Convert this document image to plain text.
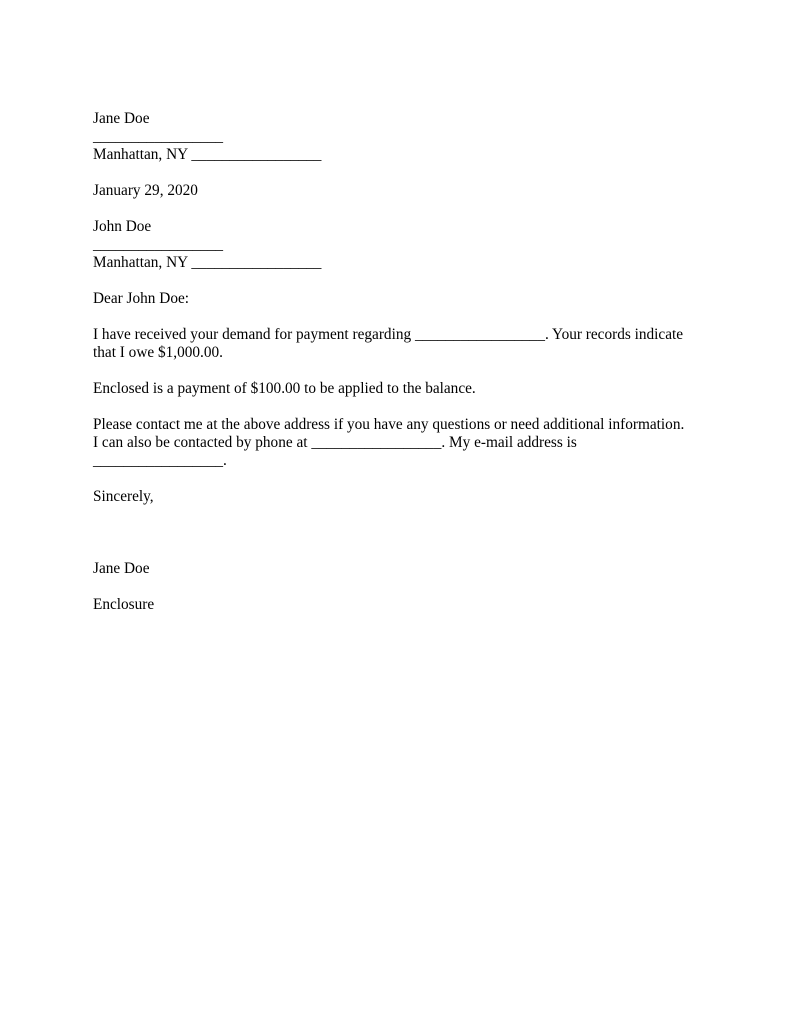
Jane Doe
_________________
Manhattan, NY _________________
January 29, 2020
John Doe
_________________
Manhattan, NY _________________
Dear John Doe:
I have received your demand for payment regarding _________________. Your records indicate
that I owe $1,000.00.
Enclosed is a payment of $100.00 to be applied to the balance.
Please contact me at the above address if you have any questions or need additional information.
I can also be contacted by phone at _________________. My e-mail address is
_________________.
Sincerely,
Jane Doe
Enclosure
